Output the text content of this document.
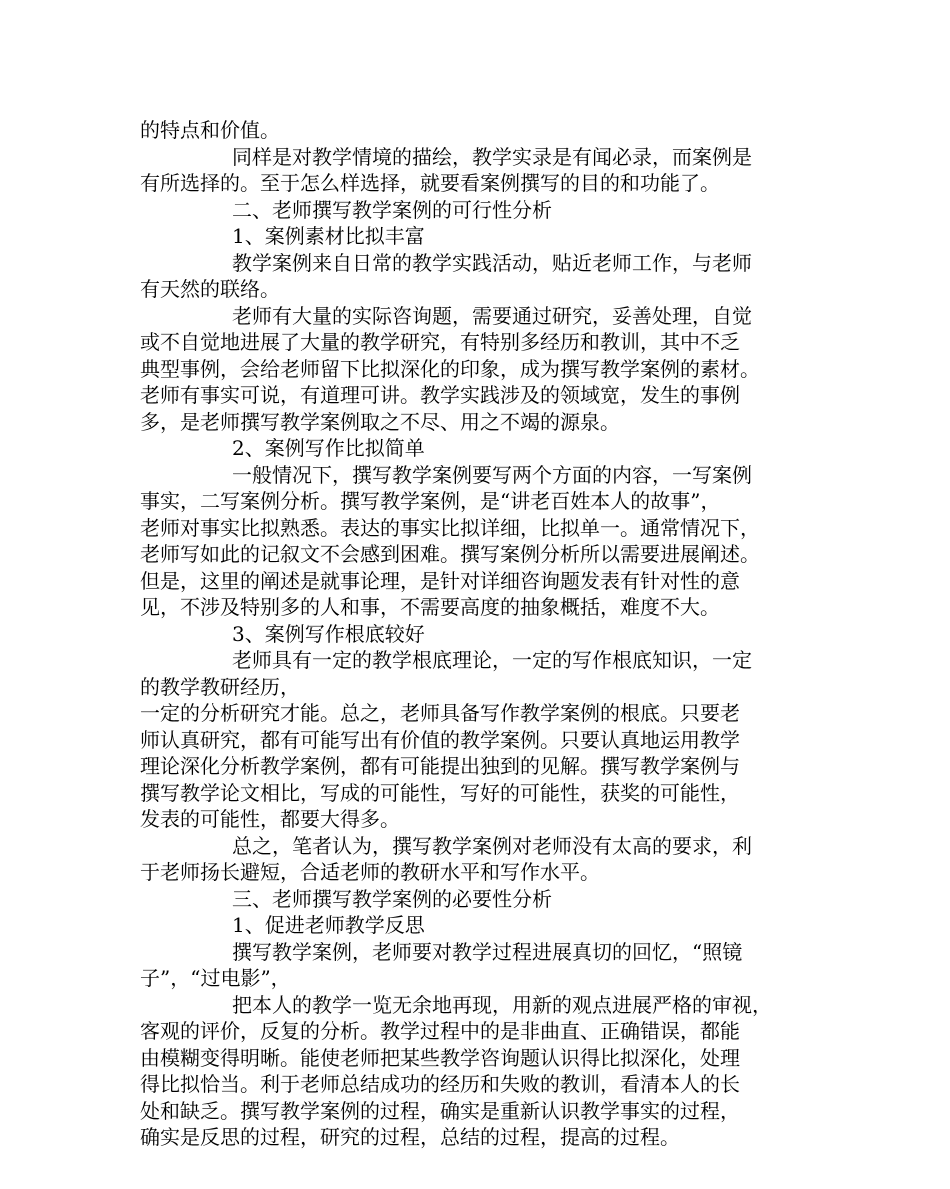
的特点和价值。
同样是对教学情境的描绘，教学实录是有闻必录，而案例是
有所选择的。至于怎么样选择，就要看案例撰写的目的和功能了。
二、老师撰写教学案例的可行性分析
1、案例素材比拟丰富
教学案例来自日常的教学实践活动，贴近老师工作，与老师
有天然的联络。
老师有大量的实际咨询题，需要通过研究，妥善处理，自觉
或不自觉地进展了大量的教学研究，有特别多经历和教训，其中不乏
典型事例，会给老师留下比拟深化的印象，成为撰写教学案例的素材。
老师有事实可说，有道理可讲。教学实践涉及的领域宽，发生的事例
多，是老师撰写教学案例取之不尽、用之不竭的源泉。
2、案例写作比拟简单
一般情况下，撰写教学案例要写两个方面的内容，一写案例
事实，二写案例分析。撰写教学案例，是“讲老百姓本人的故事”，
老师对事实比拟熟悉。表达的事实比拟详细，比拟单一。通常情况下，
老师写如此的记叙文不会感到困难。撰写案例分析所以需要进展阐述。
但是，这里的阐述是就事论理，是针对详细咨询题发表有针对性的意
见，不涉及特别多的人和事，不需要高度的抽象概括，难度不大。
3、案例写作根底较好
老师具有一定的教学根底理论，一定的写作根底知识，一定
的教学教研经历，
一定的分析研究才能。总之，老师具备写作教学案例的根底。只要老
师认真研究，都有可能写出有价值的教学案例。只要认真地运用教学
理论深化分析教学案例，都有可能提出独到的见解。撰写教学案例与
撰写教学论文相比，写成的可能性，写好的可能性，获奖的可能性，
发表的可能性，都要大得多。
总之，笔者认为，撰写教学案例对老师没有太高的要求，利
于老师扬长避短，合适老师的教研水平和写作水平。
三、老师撰写教学案例的必要性分析
1、促进老师教学反思
撰写教学案例，老师要对教学过程进展真切的回忆，“照镜
子”，“过电影”，
把本人的教学一览无余地再现，用新的观点进展严格的审视，
客观的评价，反复的分析。教学过程中的是非曲直、正确错误，都能
由模糊变得明晰。能使老师把某些教学咨询题认识得比拟深化，处理
得比拟恰当。利于老师总结成功的经历和失败的教训，看清本人的长
处和缺乏。撰写教学案例的过程，确实是重新认识教学事实的过程，
确实是反思的过程，研究的过程，总结的过程，提高的过程。
